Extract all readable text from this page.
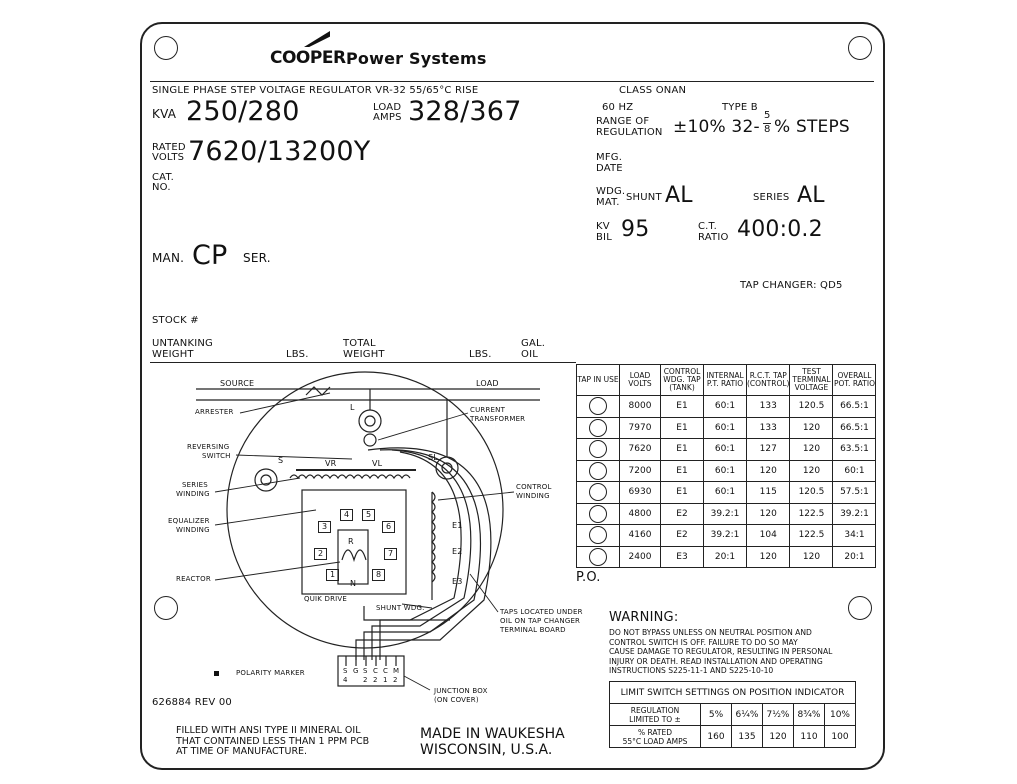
COOPER Power Systems
SINGLE PHASE STEP VOLTAGE REGULATOR VR-32 55/65°C RISE	CLASS ONAN
KVA 250/280	LOAD
AMPS 328/367
RATED
VOLTS 7620/13200Y
CAT.
NO.
MAN. CP SER.
60 HZ	TYPE B
RANGE OF
REGULATION ±10% 32-
5
8 % STEPS
MFG.
DATE
WDG.
MAT. SHUNT AL	SERIES AL
KV
BIL 95	C.T.
RATIO 400:0.2
TAP CHANGER: QD5
STOCK #
UNTANKING
WEIGHT	LBS.
TOTAL
WEIGHT	LBS.
GAL.
OIL
SOURCE	LOAD
ARRESTER
REVERSING
SWITCH
SERIES
WINDING
EQUALIZER
WINDING
REACTOR
QUIK DRIVE
CURRENT
TRANSFORMER
CONTROL
WINDING
SHUNT WDG.	TAPS LOCATED UNDER
OIL ON TAP CHANGER
TERMINAL BOARD
POLARITY MARKER
JUNCTION BOX
(ON COVER)
L
S	SL
VR	VL
E1
E2
E3
N
R
1
2
3
4	5
6
7
8
S G S C C M
4 2 2 1 2
TAP IN USE	LOAD VOLTS	CONTROL WDG. TAP (TANK)	INTERNAL P.T. RATIO	R.C.T. TAP (CONTROL)	TEST TERMINAL VOLTAGE	OVERALL POT. RATIO
	8000	E1	60:1	133	120.5	66.5:1
	7970	E1	60:1	133	120	66.5:1
	7620	E1	60:1	127	120	63.5:1
	7200	E1	60:1	120	120	60:1
	6930	E1	60:1	115	120.5	57.5:1
	4800	E2	39.2:1	120	122.5	39.2:1
	4160	E2	39.2:1	104	122.5	34:1
	2400	E3	20:1	120	120	20:1
P.O.
WARNING:
DO NOT BYPASS UNLESS ON NEUTRAL POSITION AND
CONTROL SWITCH IS OFF. FAILURE TO DO SO MAY
CAUSE DAMAGE TO REGULATOR, RESULTING IN PERSONAL
INJURY OR DEATH. READ INSTALLATION AND OPERATING
INSTRUCTIONS S225-11-1 AND S225-10-10
LIMIT SWITCH SETTINGS ON POSITION INDICATOR					
REGULATION
LIMITED TO ±	5%	6¼%	7½%	8¾%	10%
% RATED
55°C LOAD AMPS	160	135	120	110	100
626884 REV 00
FILLED WITH ANSI TYPE II MINERAL OIL
THAT CONTAINED LESS THAN 1 PPM PCB
AT TIME OF MANUFACTURE.
MADE IN WAUKESHA
WISCONSIN, U.S.A.
